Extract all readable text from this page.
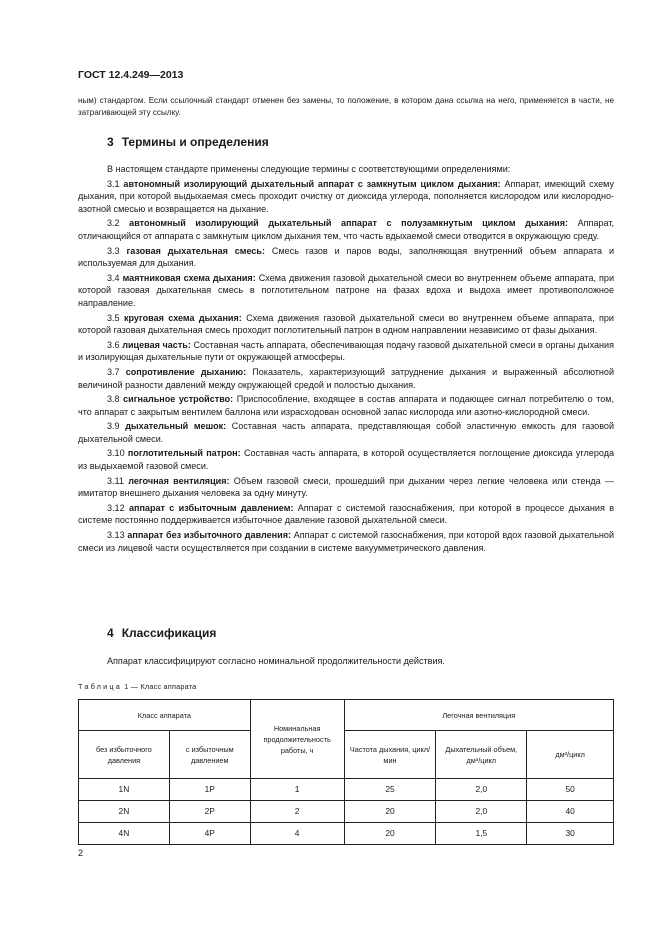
ГОСТ 12.4.249—2013
ным) стандартом. Если ссылочный стандарт отменен без замены, то положение, в котором дана ссылка на него, применяется в части, не затрагивающей эту ссылку.
3 Термины и определения

В настоящем стандарте применены следующие термины с соответствующими определениями:

3.1 автономный изолирующий дыхательный аппарат с замкнутым циклом дыхания: Аппарат, имеющий схему дыхания, при которой выдыхаемая смесь проходит очистку от диоксида углерода, пополняется кислородом или кислородно-азотной смесью и возвращается на дыхание.

3.2 автономный изолирующий дыхательный аппарат с полузамкнутым циклом дыхания: Аппарат, отличающийся от аппарата с замкнутым циклом дыхания тем, что часть вдыхаемой смеси отводится в окружающую среду.

3.3 газовая дыхательная смесь: Смесь газов и паров воды, заполняющая внутренний объем аппарата и используемая для дыхания.

3.4 маятниковая схема дыхания: Схема движения газовой дыхательной смеси во внутреннем объеме аппарата, при которой газовая дыхательная смесь в поглотительном патроне на фазах вдоха и выдоха имеет противоположное направление.

3.5 круговая схема дыхания: Схема движения газовой дыхательной смеси во внутреннем объеме аппарата, при которой газовая дыхательная смесь проходит поглотительный патрон в одном направлении независимо от фазы дыхания.

3.6 лицевая часть: Составная часть аппарата, обеспечивающая подачу газовой дыхательной смеси в органы дыхания и изолирующая дыхательные пути от окружающей атмосферы.

3.7 сопротивление дыханию: Показатель, характеризующий затруднение дыхания и выраженный абсолютной величиной разности давлений между окружающей средой и полостью дыхания.

3.8 сигнальное устройство: Приспособление, входящее в состав аппарата и подающее сигнал потребителю о том, что аппарат с закрытым вентилем баллона или израсходован основной запас кислорода или азотно-кислородной смеси.

3.9 дыхательный мешок: Составная часть аппарата, представляющая собой эластичную емкость для газовой дыхательной смеси.

3.10 поглотительный патрон: Составная часть аппарата, в которой осуществляется поглощение диоксида углерода из выдыхаемой газовой смеси.

3.11 легочная вентиляция: Объем газовой смеси, прошедший при дыхании через легкие человека или стенда — имитатор внешнего дыхания человека за одну минуту.

3.12 аппарат с избыточным давлением: Аппарат с системой газоснабжения, при которой в процессе дыхания в системе постоянно поддерживается избыточное давление газовой дыхательной смеси.

3.13 аппарат без избыточного давления: Аппарат с системой газоснабжения, при которой вдох газовой дыхательной смеси из лицевой части осуществляется при создании в системе вакуумметрического давления.

4 Классификация
Аппарат классифицируют согласно номинальной продолжительности действия.
Таблица 1 — Класс аппарата
Класс аппарата		Номинальная продолжительность работы, ч	Легочная вентиляция		
без избыточного давления	с избыточным давлением		Частота дыхания, цикл/мин	Дыхательный объем, дм³/цикл	дм³/цикл
1N	1P	1	25	2,0	50
2N	2P	2	20	2,0	40
4N	4P	4	20	1,5	30
2
